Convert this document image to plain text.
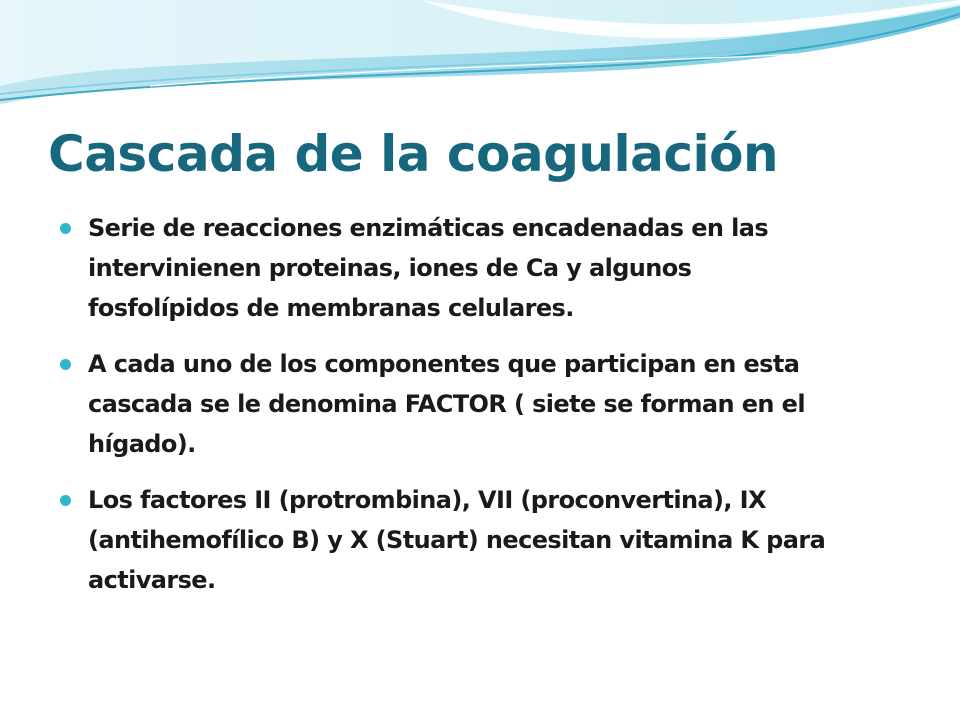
Cascada de la coagulación
Serie de reacciones enzimáticas encadenadas en las
intervinienen proteinas, iones de Ca y algunos
fosfolípidos de membranas celulares.
A cada uno de los componentes que participan en esta
cascada se le denomina FACTOR ( siete se forman en el
hígado).
Los factores II (protrombina), VII (proconvertina), IX
(antihemofílico B) y X (Stuart) necesitan vitamina K para
activarse.
